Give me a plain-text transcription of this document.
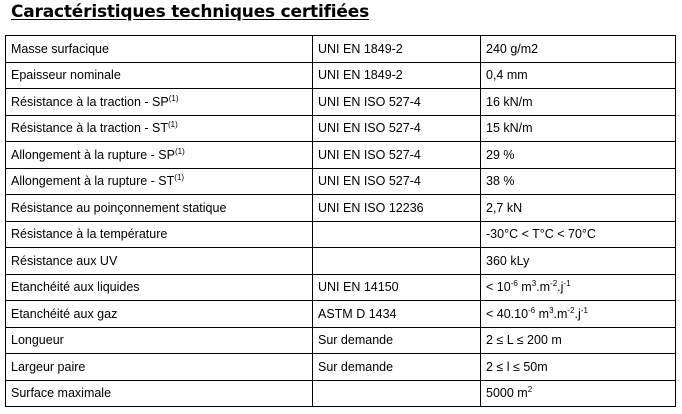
Caractéristiques techniques certifiées
Masse surfacique	UNI EN 1849-2	240 g/m2
Epaisseur nominale	UNI EN 1849-2	0,4 mm
Résistance à la traction - SP$^{(1)}$	UNI EN ISO 527-4	16 kN/m
Résistance à la traction - ST$^{(1)}$	UNI EN ISO 527-4	15 kN/m
Allongement à la rupture - SP$^{(1)}$	UNI EN ISO 527-4	29 %
Allongement à la rupture - ST$^{(1)}$	UNI EN ISO 527-4	38 %
Résistance au poinçonnement statique	UNI EN ISO 12236	2,7 kN
Résistance à la température		-30°C < T°C < 70°C
Résistance aux UV		360 kLy
Etanchéité aux liquides	UNI EN 14150	< $10^{-6}$ $m^3.m^{-2}.j^{-1}$
Etanchéité aux gaz	ASTM D 1434	< $40.10^{-6}$ $m^3.m^{-2}.j^{-1}$
Longueur	Sur demande	2 ≤ L ≤ 200 m
Largeur paire	Sur demande	2 ≤ l ≤ 50m
Surface maximale		5000 $m^2$
